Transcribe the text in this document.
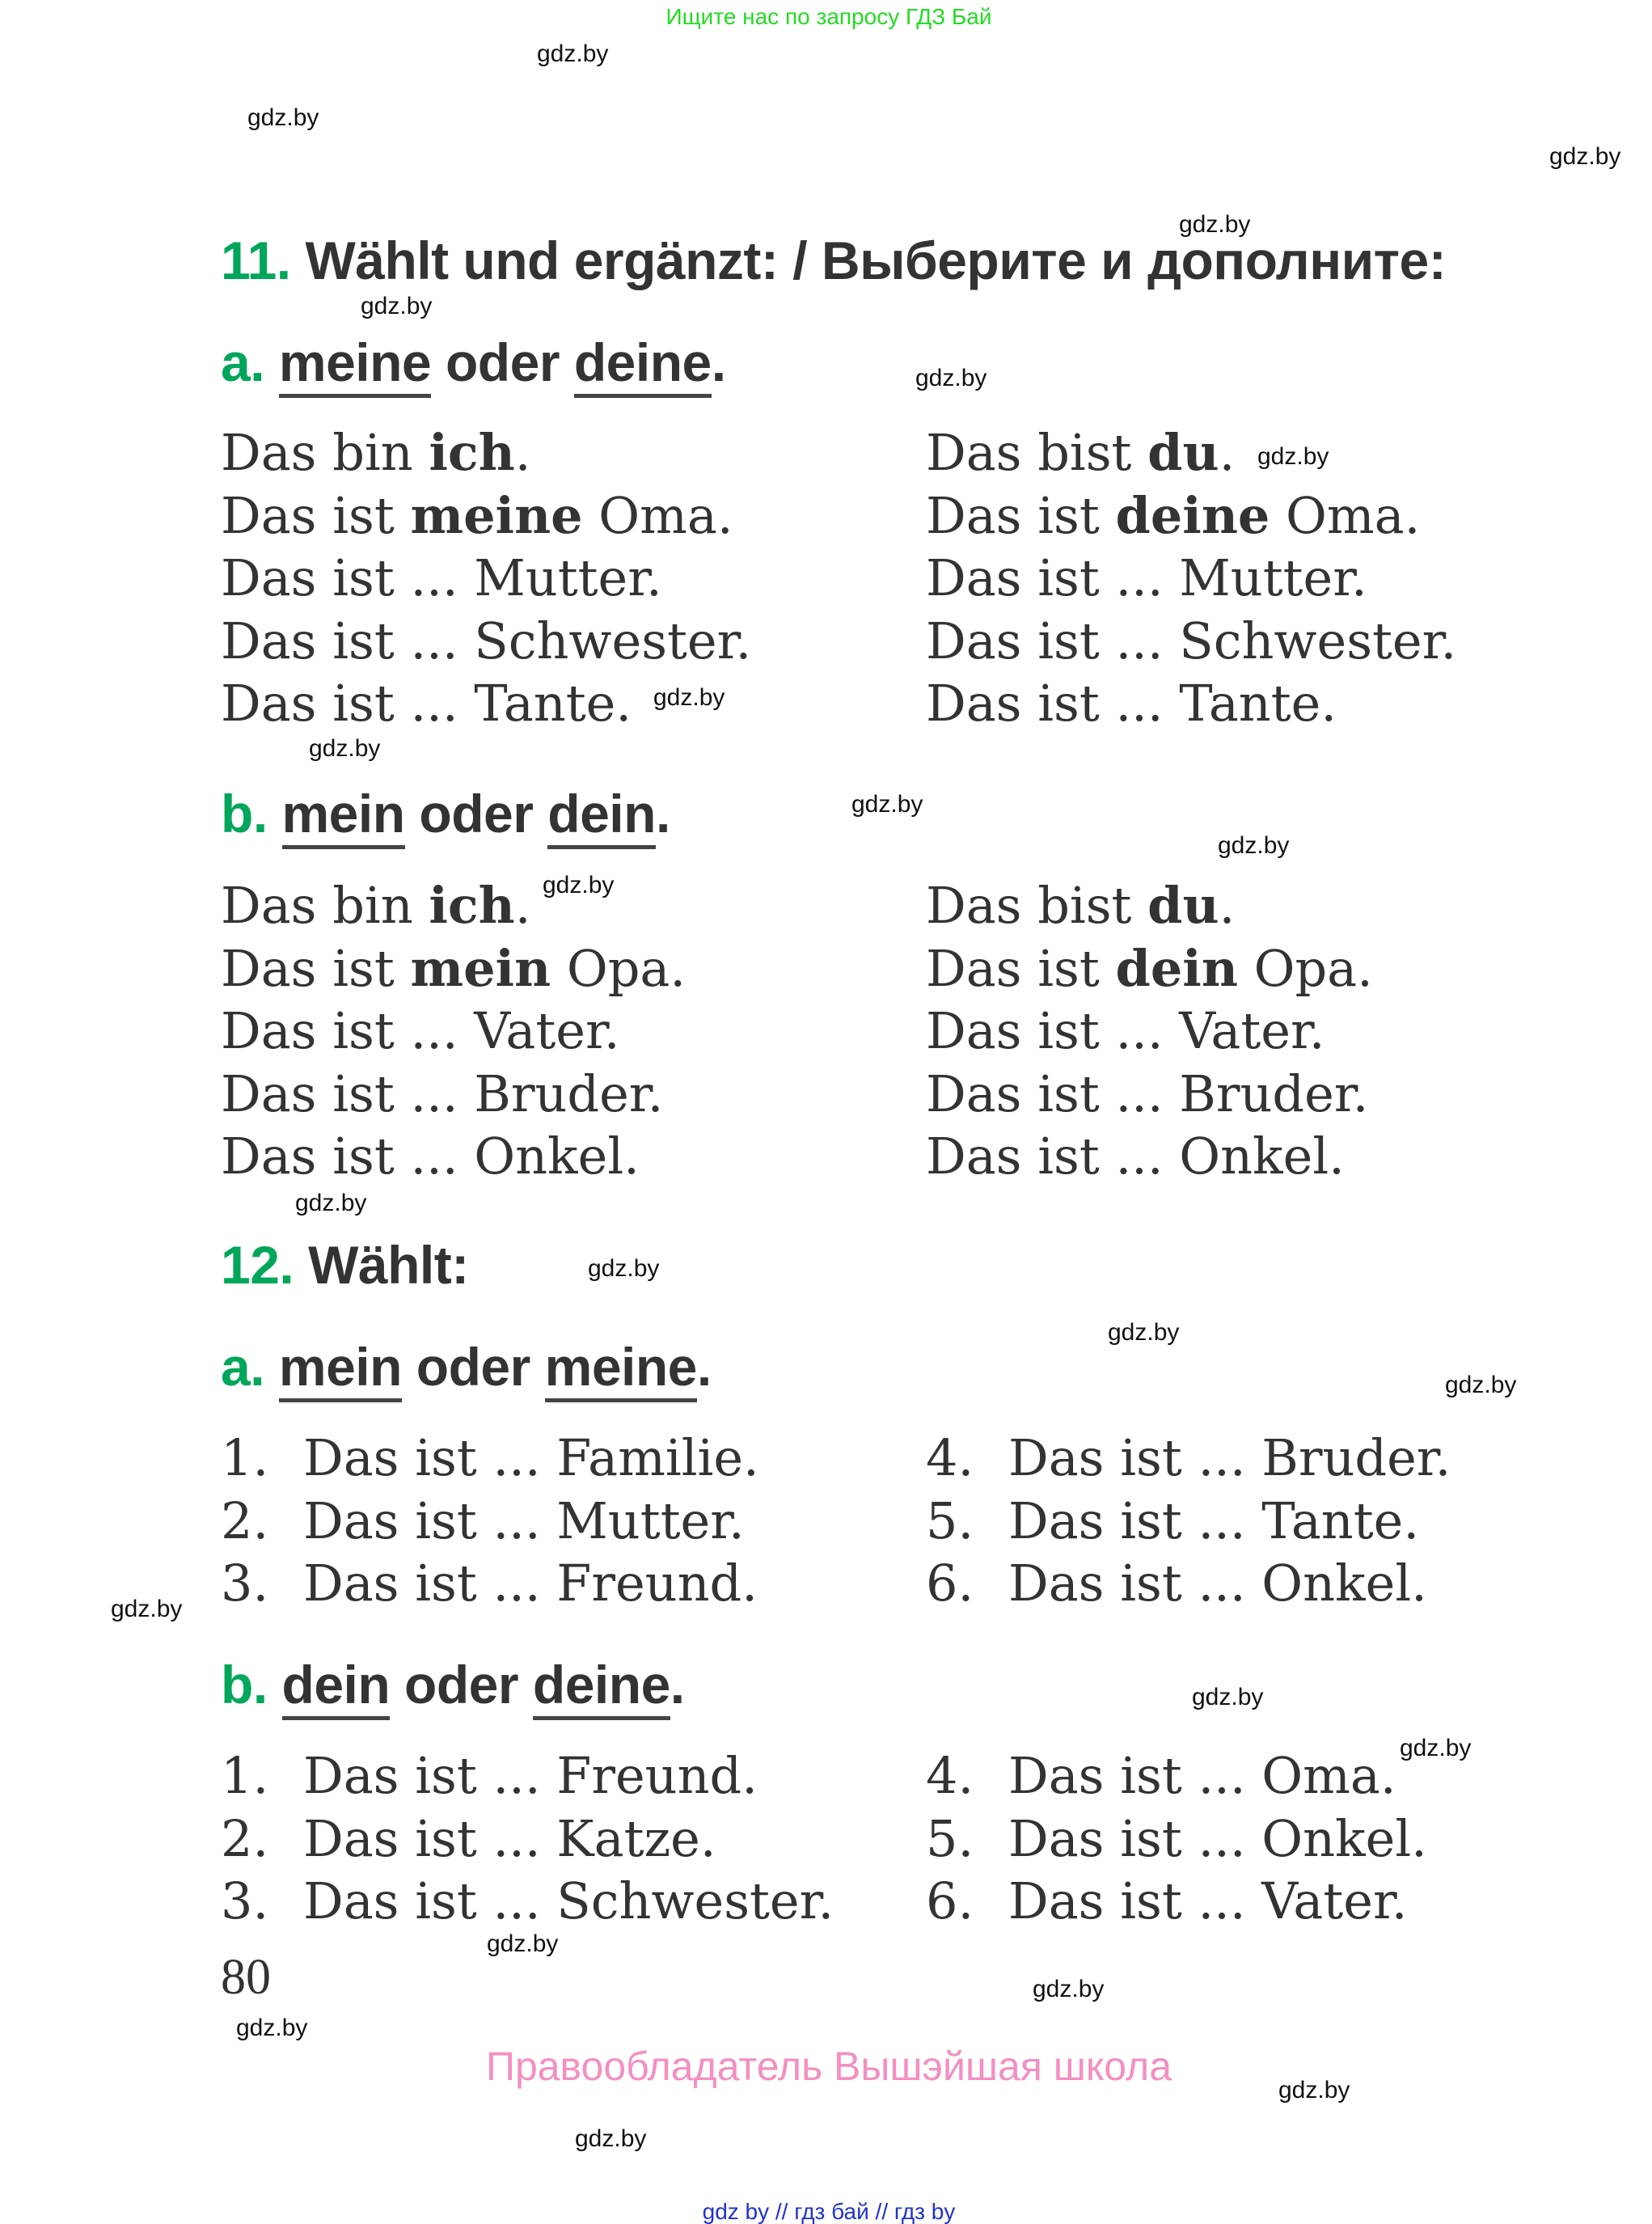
Ищите нас по запросу ГДЗ Бай
gdz.by
gdz.by
gdz.by
gdz.by
gdz.by
gdz.by
gdz.by
gdz.by
gdz.by
gdz.by
gdz.by
gdz.by
gdz.by
gdz.by
gdz.by
gdz.by
gdz.by
gdz.by
gdz.by
gdz.by
gdz.by
gdz.by
gdz.by
gdz.by
11. Wählt und ergänzt: / Выберите и дополните:
a. meine oder deine.
Das bin ich.
Das ist meine Oma.
Das ist ... Mutter.
Das ist ... Schwester.
Das ist ... Tante.
Das bist du.
Das ist deine Oma.
Das ist ... Mutter.
Das ist ... Schwester.
Das ist ... Tante.
b. mein oder dein.
Das bin ich.
Das ist mein Opa.
Das ist ... Vater.
Das ist ... Bruder.
Das ist ... Onkel.
Das bist du.
Das ist dein Opa.
Das ist ... Vater.
Das ist ... Bruder.
Das ist ... Onkel.
12. Wählt:
a. mein oder meine.
1. Das ist ... Familie.
2. Das ist ... Mutter.
3. Das ist ... Freund.
4. Das ist ... Bruder.
5. Das ist ... Tante.
6. Das ist ... Onkel.
b. dein oder deine.
1. Das ist ... Freund.
2. Das ist ... Katze.
3. Das ist ... Schwester.
4. Das ist ... Oma.
5. Das ist ... Onkel.
6. Das ist ... Vater.
80
Правообладатель Вышэйшая школа
gdz by // гдз бай // гдз by
